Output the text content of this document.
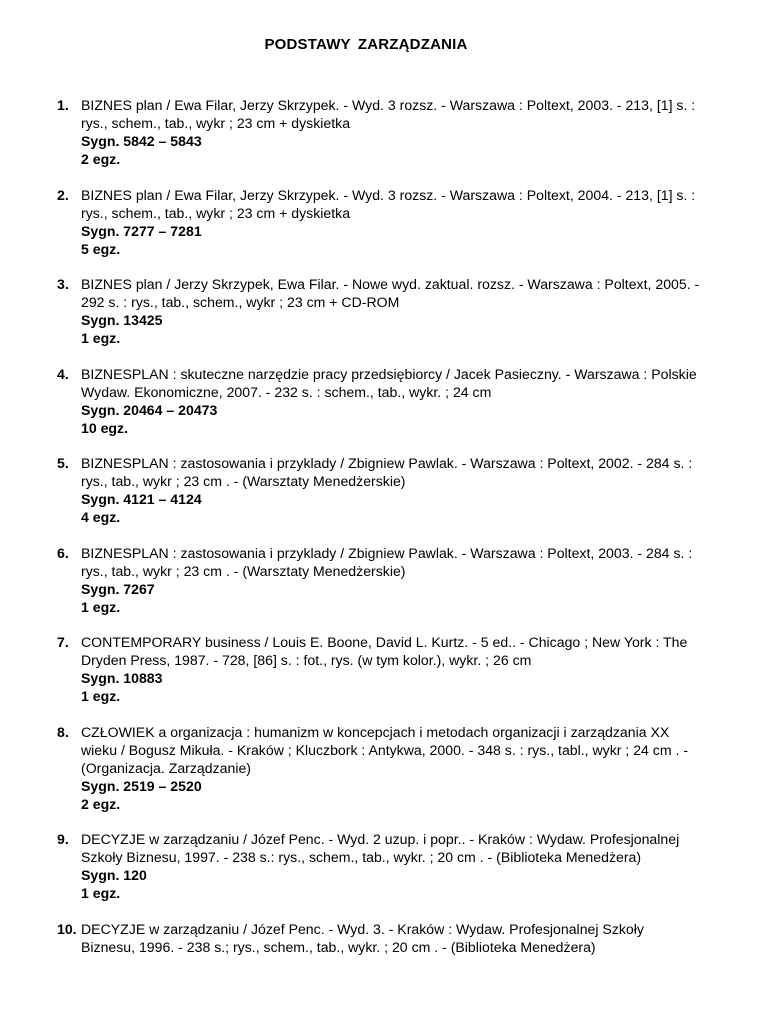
PODSTAWY ZARZĄDZANIA
1. BIZNES plan / Ewa Filar, Jerzy Skrzypek. - Wyd. 3 rozsz. - Warszawa : Poltext, 2003. - 213, [1] s. : rys., schem., tab., wykr ; 23 cm + dyskietka
Sygn. 5842 – 5843
2 egz.
2. BIZNES plan / Ewa Filar, Jerzy Skrzypek. - Wyd. 3 rozsz. - Warszawa : Poltext, 2004. - 213, [1] s. : rys., schem., tab., wykr ; 23 cm + dyskietka
Sygn. 7277 – 7281
5 egz.
3. BIZNES plan / Jerzy Skrzypek, Ewa Filar. - Nowe wyd. zaktual. rozsz. - Warszawa : Poltext, 2005. - 292 s. : rys., tab., schem., wykr ; 23 cm + CD-ROM
Sygn. 13425
1 egz.
4. BIZNESPLAN : skuteczne narzędzie pracy przedsiębiorcy / Jacek Pasieczny. - Warszawa : Polskie Wydaw. Ekonomiczne, 2007. - 232 s. : schem., tab., wykr. ; 24 cm
Sygn. 20464 – 20473
10 egz.
5. BIZNESPLAN : zastosowania i przyklady / Zbigniew Pawlak. - Warszawa : Poltext, 2002. - 284 s. : rys., tab., wykr ; 23 cm . - (Warsztaty Menedżerskie)
Sygn. 4121 – 4124
4 egz.
6. BIZNESPLAN : zastosowania i przyklady / Zbigniew Pawlak. - Warszawa : Poltext, 2003. - 284 s. : rys., tab., wykr ; 23 cm . - (Warsztaty Menedżerskie)
Sygn. 7267
1 egz.
7. CONTEMPORARY business / Louis E. Boone, David L. Kurtz. - 5 ed.. - Chicago ; New York : The Dryden Press, 1987. - 728, [86] s. : fot., rys. (w tym kolor.), wykr. ; 26 cm
Sygn. 10883
1 egz.
8. CZŁOWIEK a organizacja : humanizm w koncepcjach i metodach organizacji i zarządzania XX wieku / Bogusz Mikuła. - Kraków ; Kluczbork : Antykwa, 2000. - 348 s. : rys., tabl., wykr ; 24 cm . - (Organizacja. Zarządzanie)
Sygn. 2519 – 2520
2 egz.
9. DECYZJE w zarządzaniu / Józef Penc. - Wyd. 2 uzup. i popr.. - Kraków : Wydaw. Profesjonalnej Szkoły Biznesu, 1997. - 238 s.: rys., schem., tab., wykr. ; 20 cm . - (Biblioteka Menedżera)
Sygn. 120
1 egz.
10. DECYZJE w zarządzaniu / Józef Penc. - Wyd. 3. - Kraków : Wydaw. Profesjonalnej Szkoły Biznesu, 1996. - 238 s.; rys., schem., tab., wykr. ; 20 cm . - (Biblioteka Menedżera)
